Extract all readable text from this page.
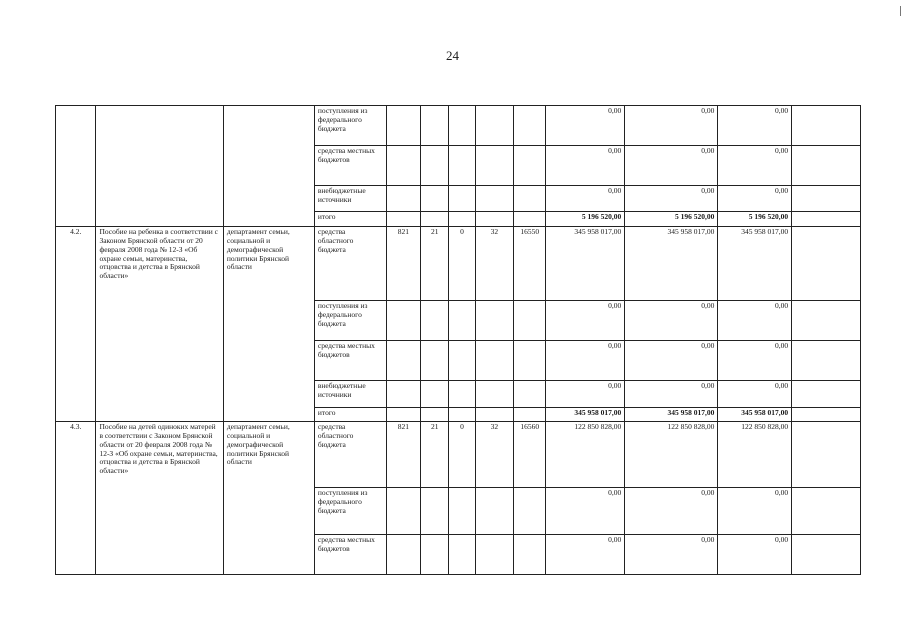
24
			поступления из федерального бюджета						0,00	0,00	0,00	
			средства местных бюджетов						0,00	0,00	0,00	
			внебюджетные источники						0,00	0,00	0,00	
			итого						5 196 520,00	5 196 520,00	5 196 520,00	
4.2.	Пособие на ребенка в соответствии с Законом Брянской области от 20 февраля 2008 года № 12-З «Об охране семьи, материнства, отцовства и детства в Брянской области»	департамент семьи, социальной и демографической политики Брянской области	средства областного бюджета	821	21	0	32	16550	345 958 017,00	345 958 017,00	345 958 017,00	
			поступления из федерального бюджета						0,00	0,00	0,00	
			средства местных бюджетов						0,00	0,00	0,00	
			внебюджетные источники						0,00	0,00	0,00	
			итого						345 958 017,00	345 958 017,00	345 958 017,00	
4.3.	Пособие на детей одиноких матерей в соответствии с Законом Брянской области от 20 февраля 2008 года № 12-З «Об охране семьи, материнства, отцовства и детства в Брянской области»	департамент семьи, социальной и демографической политики Брянской области	средства областного бюджета	821	21	0	32	16560	122 850 828,00	122 850 828,00	122 850 828,00	
			поступления из федерального бюджета						0,00	0,00	0,00	
			средства местных бюджетов						0,00	0,00	0,00	
